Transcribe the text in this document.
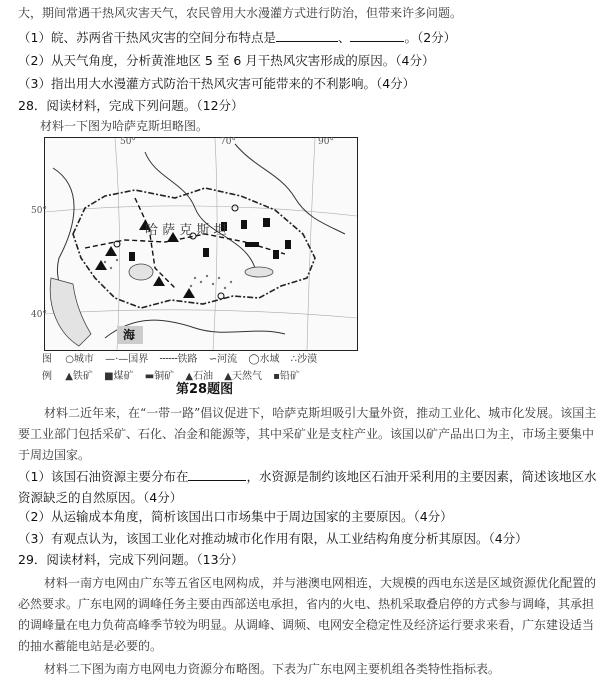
大，期间常遇干热风灾害天气，农民曾用大水漫灌方式进行防治，但带来许多问题。
（1）皖、苏两省干热风灾害的空间分布特点是	、	。（2分）
（2）从天气角度，分析黄淮地区 5 至 6 月干热风灾害形成的原因。（4分）
（3）指出用大水漫灌方式防治干热风灾害可能带来的不利影响。（4分）
28．阅读材料，完成下列问题。（12分）
材料一下图为哈萨克斯坦略图。
哈 萨 克 斯 坦
海
50°	70°	90°
50°
40°
图 ○城市 —·—国界 ╌╌╌铁路 ∽河流 ◯水域 ∴沙漠
例 ▲铁矿 ■煤矿 ▬铜矿 ▲石油 ▲天然气 ▪铅矿
第28题图
材料二近年来，在“一带一路”倡议促进下，哈萨克斯坦吸引大量外资，推动工业化、城市化发展。该国主要工业部门包括采矿、石化、冶金和能源等，其中采矿业是支柱产业。该国以矿产品出口为主，市场主要集中于周边国家。
（1）该国石油资源主要分布在	，水资源是制约该地区石油开采利用的主要因素，简述该地区水资源缺乏的自然原因。（4分）
（2）从运输成本角度，简析该国出口市场集中于周边国家的主要原因。（4分）
（3）有观点认为，该国工业化对推动城市化作用有限，从工业结构角度分析其原因。（4分）
29．阅读材料，完成下列问题。（13分）
材料一南方电网由广东等五省区电网构成，并与港澳电网相连，大规模的西电东送是区域资源优化配置的必然要求。广东电网的调峰任务主要由西部送电承担，省内的火电、热机采取叠启停的方式参与调峰，其承担的调峰量在电力负荷高峰季节较为明显。从调峰、调频、电网安全稳定性及经济运行要求来看，广东建设适当的抽水蓄能电站是必要的。
材料二下图为南方电网电力资源分布略图。下表为广东电网主要机组各类特性指标表。
